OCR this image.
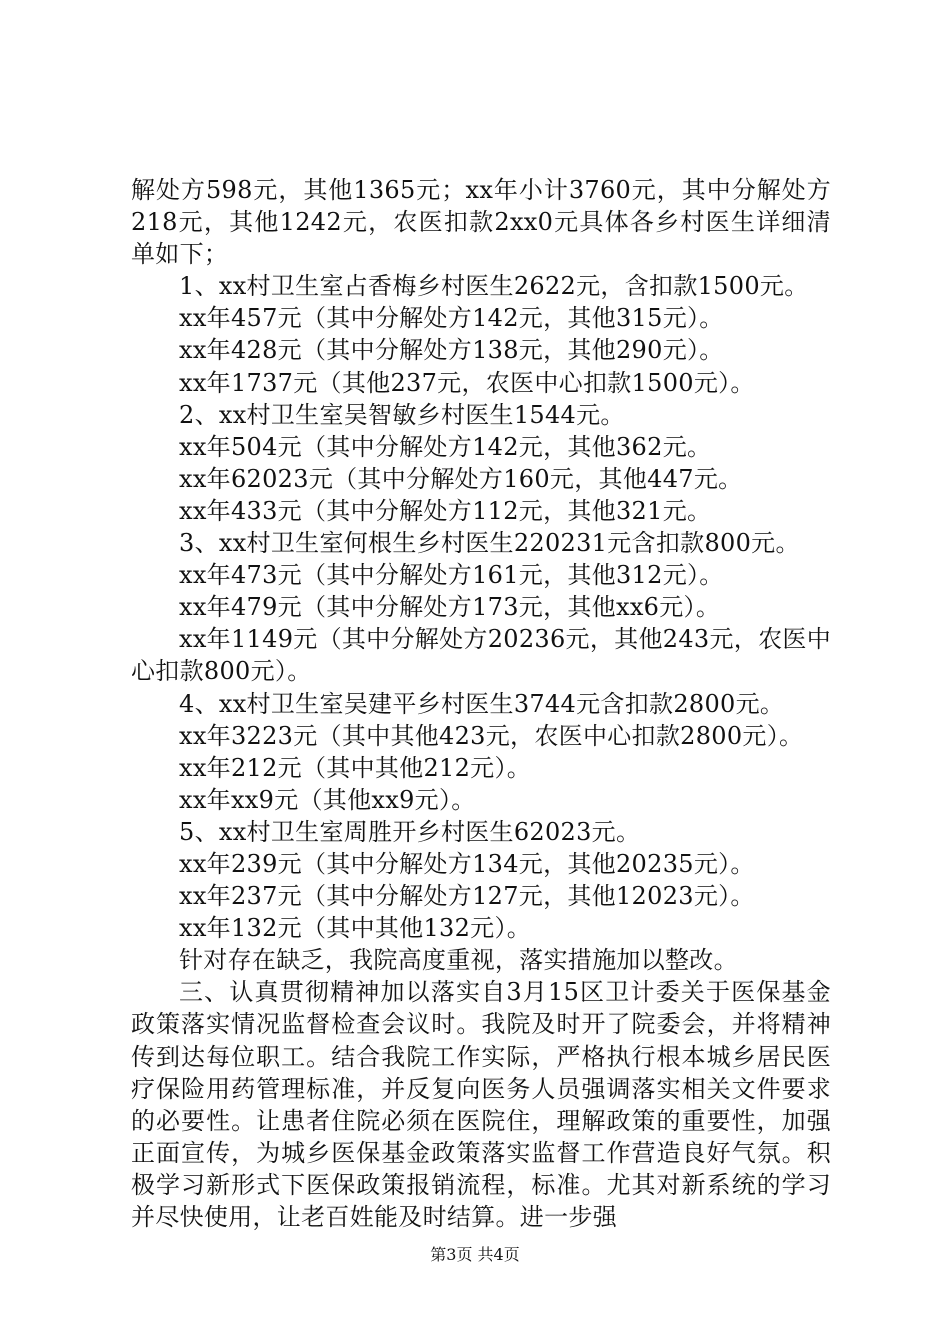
解处方598元，其他1365元；xx年小计3760元，其中分解处方218元，其他1242元，农医扣款2xx0元具体各乡村医生详细清单如下；

1、xx村卫生室占香梅乡村医生2622元，含扣款1500元。

xx年457元（其中分解处方142元，其他315元）。

xx年428元（其中分解处方138元，其他290元）。

xx年1737元（其他237元，农医中心扣款1500元）。

2、xx村卫生室吴智敏乡村医生1544元。

xx年504元（其中分解处方142元，其他362元。

xx年62023元（其中分解处方160元，其他447元。

xx年433元（其中分解处方112元，其他321元。

3、xx村卫生室何根生乡村医生220231元含扣款800元。

xx年473元（其中分解处方161元，其他312元）。

xx年479元（其中分解处方173元，其他xx6元）。

xx年1149元（其中分解处方20236元，其他243元，农医中心扣款800元）。

4、xx村卫生室吴建平乡村医生3744元含扣款2800元。

xx年3223元（其中其他423元，农医中心扣款2800元）。

xx年212元（其中其他212元）。

xx年xx9元（其他xx9元）。

5、xx村卫生室周胜开乡村医生62023元。

xx年239元（其中分解处方134元，其他20235元）。

xx年237元（其中分解处方127元，其他12023元）。

xx年132元（其中其他132元）。

针对存在缺乏，我院高度重视，落实措施加以整改。

三、认真贯彻精神加以落实自3月15区卫计委关于医保基金政策落实情况监督检查会议时。我院及时开了院委会，并将精神传到达每位职工。结合我院工作实际，严格执行根本城乡居民医疗保险用药管理标准，并反复向医务人员强调落实相关文件要求的必要性。让患者住院必须在医院住，理解政策的重要性，加强正面宣传，为城乡医保基金政策落实监督工作营造良好气氛。积极学习新形式下医保政策报销流程，标准。尤其对新系统的学习并尽快使用，让老百姓能及时结算。进一步强

第3页 共4页
